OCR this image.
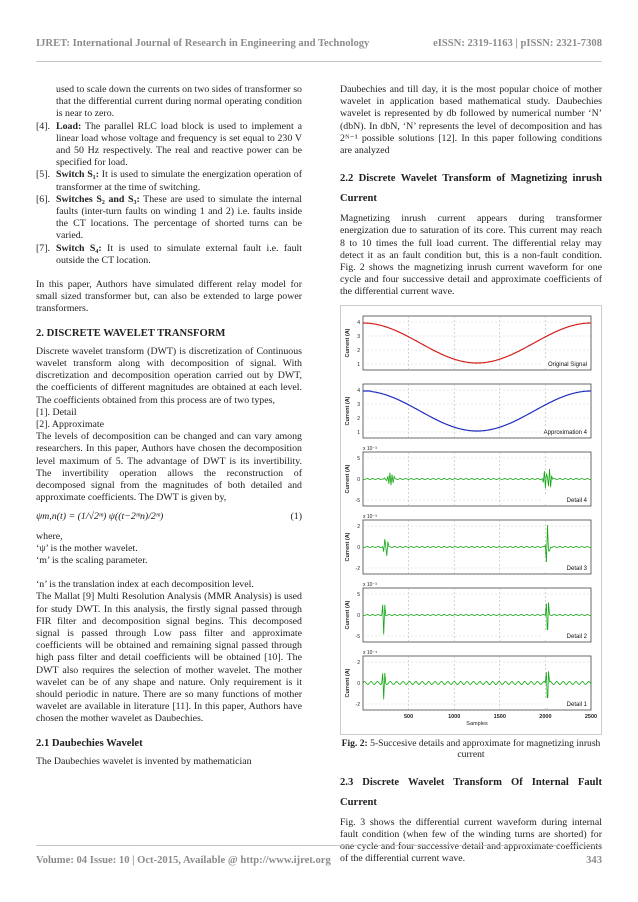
IJRET: International Journal of Research in Engineering and Technology	eISSN: 2319-1163 | pISSN: 2321-7308

used to scale down the currents on two sides of transformer so that the differential current during normal operating condition is near to zero.

[4]. Load: The parallel RLC load block is used to implement a linear load whose voltage and frequency is set equal to 230 V and 50 Hz respectively. The real and reactive power can be specified for load.
[5]. Switch S₁: It is used to simulate the energization operation of transformer at the time of switching.
[6]. Switches S₂ and S₃: These are used to simulate the internal faults (inter-turn faults on winding 1 and 2) i.e. faults inside the CT locations. The percentage of shorted turns can be varied.
[7]. Switch S₄: It is used to simulate external fault i.e. fault outside the CT location.

In this paper, Authors have simulated different relay model for small sized transformer but, can also be extended to large power transformers.

2. DISCRETE WAVELET TRANSFORM

Discrete wavelet transform (DWT) is discretization of Continuous wavelet transform along with decomposition of signal. With discretization and decomposition operation carried out by DWT, the coefficients of different magnitudes are obtained at each level. The coefficients obtained from this process are of two types,

[1]. Detail

[2]. Approximate

The levels of decomposition can be changed and can vary among researchers. In this paper, Authors have chosen the decomposition level maximum of 5. The advantage of DWT is its invertibility. The invertibility operation allows the reconstruction of decomposed signal from the magnitudes of both detailed and approximate coefficients. The DWT is given by,

ψm,n(t) = (1/√2ᵐ) ψ((t−2ᵐn)/2ᵐ)	(1)

where,

‘ψ’ is the mother wavelet.

‘m’ is the scaling parameter.

‘n’ is the translation index at each decomposition level.

The Mallat [9] Multi Resolution Analysis (MMR Analysis) is used for study DWT. In this analysis, the firstly signal passed through FIR filter and decomposition signal begins. This decomposed signal is passed through Low pass filter and approximate coefficients will be obtained and remaining signal passed through high pass filter and detail coefficients will be obtained [10]. The DWT also requires the selection of mother wavelet. The mother wavelet can be of any shape and nature. Only requirement is it should periodic in nature. There are so many functions of mother wavelet are available in literature [11]. In this paper, Authors have chosen the mother wavelet as Daubechies.

2.1 Daubechies Wavelet

The Daubechies wavelet is invented by mathematician

Daubechies and till day, it is the most popular choice of mother wavelet in application based mathematical study. Daubechies wavelet is represented by db followed by numerical number ‘N’ (dbN). In dbN, ‘N’ represents the level of decomposition and has 2ᴺ⁻¹ possible solutions [12]. In this paper following conditions are analyzed

2.2 Discrete Wavelet Transform of Magnetizing inrush Current

Magnetizing inrush current appears during transformer energization due to saturation of its core. This current may reach 8 to 10 times the full load current. The differential relay may detect it as an fault condition but, this is a non-fault condition. Fig. 2 shows the magnetizing inrush current waveform for one cycle and four successive detail and approximate coefficients of the differential current wave.

4
3
2
1
Current (A)
Original Signal
4
3
2
1
Current (A)
Approximation 4
5
0
-5
Current (A)
x 10⁻³
Detail 4
2
0
-2
Current (A)
x 10⁻³
Detail 3
5
0
-5
Current (A)
x 10⁻³
Detail 2
2
0
-2
Current (A)
x 10⁻⁴
Detail 1
500	1000	1500	2000	2500
Samples
Fig. 2: 5-Succesive details and approximate for magnetizing inrush current

2.3 Discrete Wavelet Transform Of Internal Fault Current

Fig. 3 shows the differential current waveform during internal fault condition (when few of the winding turns are shorted) for one cycle and four successive detail and approximate coefficients of the differential current wave.

Volume: 04 Issue: 10 | Oct-2015, Available @ http://www.ijret.org	343
